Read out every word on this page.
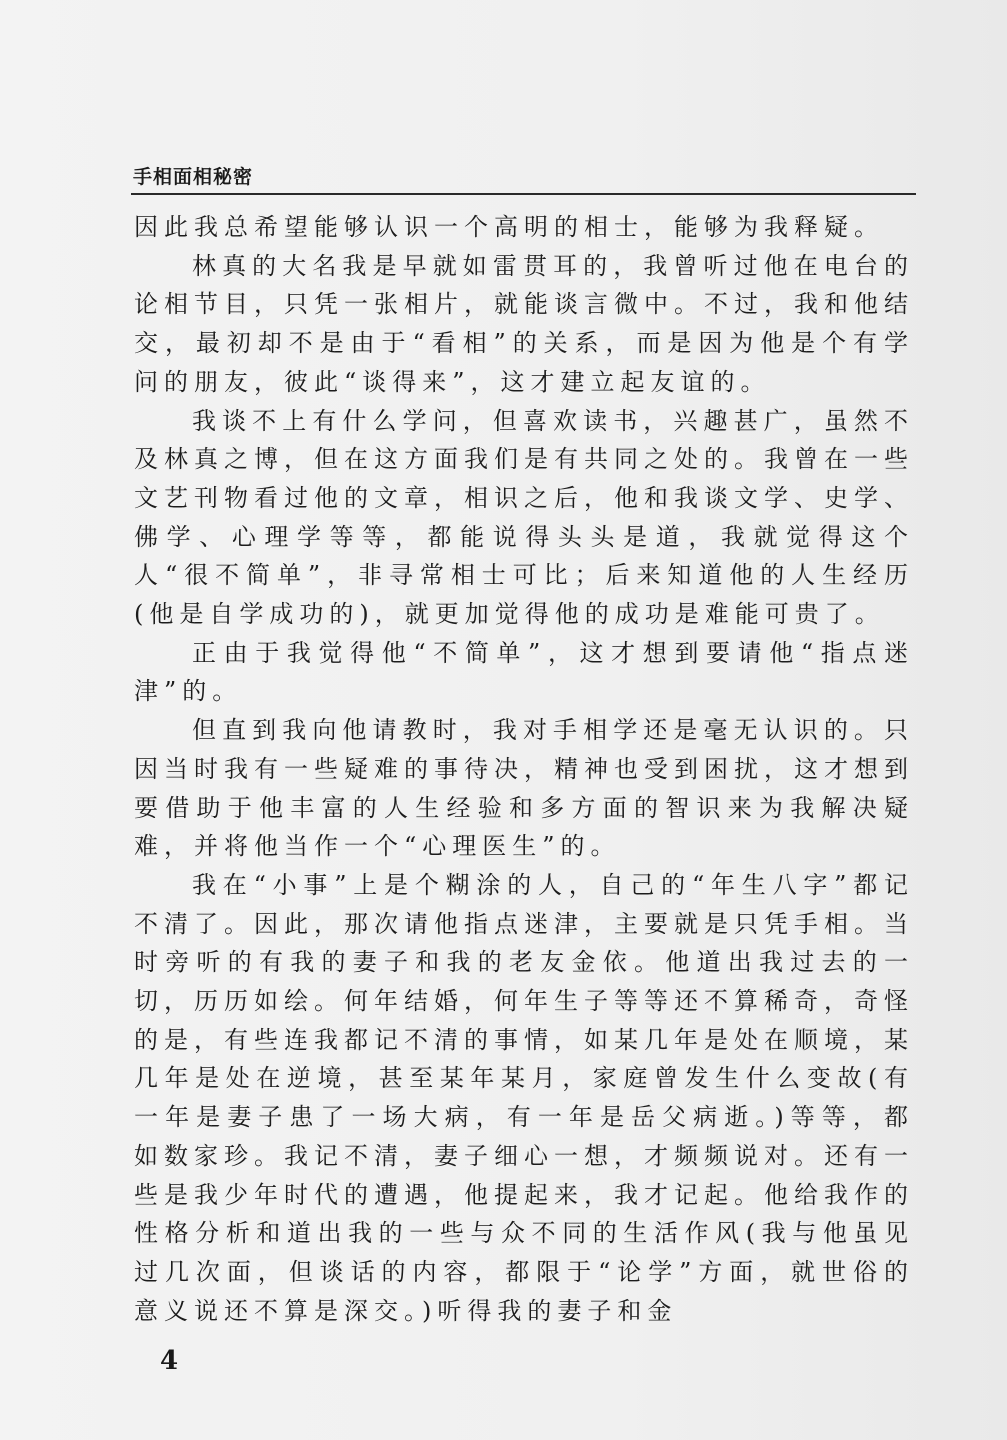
手相面相秘密

因此我总希望能够认识一个高明的相士，能够为我释疑。

林真的大名我是早就如雷贯耳的，我曾听过他在电台的论相节目，只凭一张相片，就能谈言微中。不过，我和他结交，最初却不是由于“看相”的关系，而是因为他是个有学问的朋友，彼此“谈得来”，这才建立起友谊的。

我谈不上有什么学问，但喜欢读书，兴趣甚广，虽然不及林真之博，但在这方面我们是有共同之处的。我曾在一些文艺刊物看过他的文章，相识之后，他和我谈文学、史学、佛学、心理学等等，都能说得头头是道，我就觉得这个人“很不简单”，非寻常相士可比；后来知道他的人生经历(他是自学成功的)，就更加觉得他的成功是难能可贵了。

正由于我觉得他“不简单”，这才想到要请他“指点迷津”的。

但直到我向他请教时，我对手相学还是毫无认识的。只因当时我有一些疑难的事待决，精神也受到困扰，这才想到要借助于他丰富的人生经验和多方面的智识来为我解决疑难，并将他当作一个“心理医生”的。

我在“小事”上是个糊涂的人，自己的“年生八字”都记不清了。因此，那次请他指点迷津，主要就是只凭手相。当时旁听的有我的妻子和我的老友金依。他道出我过去的一切，历历如绘。何年结婚，何年生子等等还不算稀奇，奇怪的是，有些连我都记不清的事情，如某几年是处在顺境，某几年是处在逆境，甚至某年某月，家庭曾发生什么变故(有一年是妻子患了一场大病，有一年是岳父病逝。)等等，都如数家珍。我记不清，妻子细心一想，才频频说对。还有一些是我少年时代的遭遇，他提起来，我才记起。他给我作的性格分析和道出我的一些与众不同的生活作风(我与他虽见过几次面，但谈话的内容，都限于“论学”方面，就世俗的意义说还不算是深交。)听得我的妻子和金

4
